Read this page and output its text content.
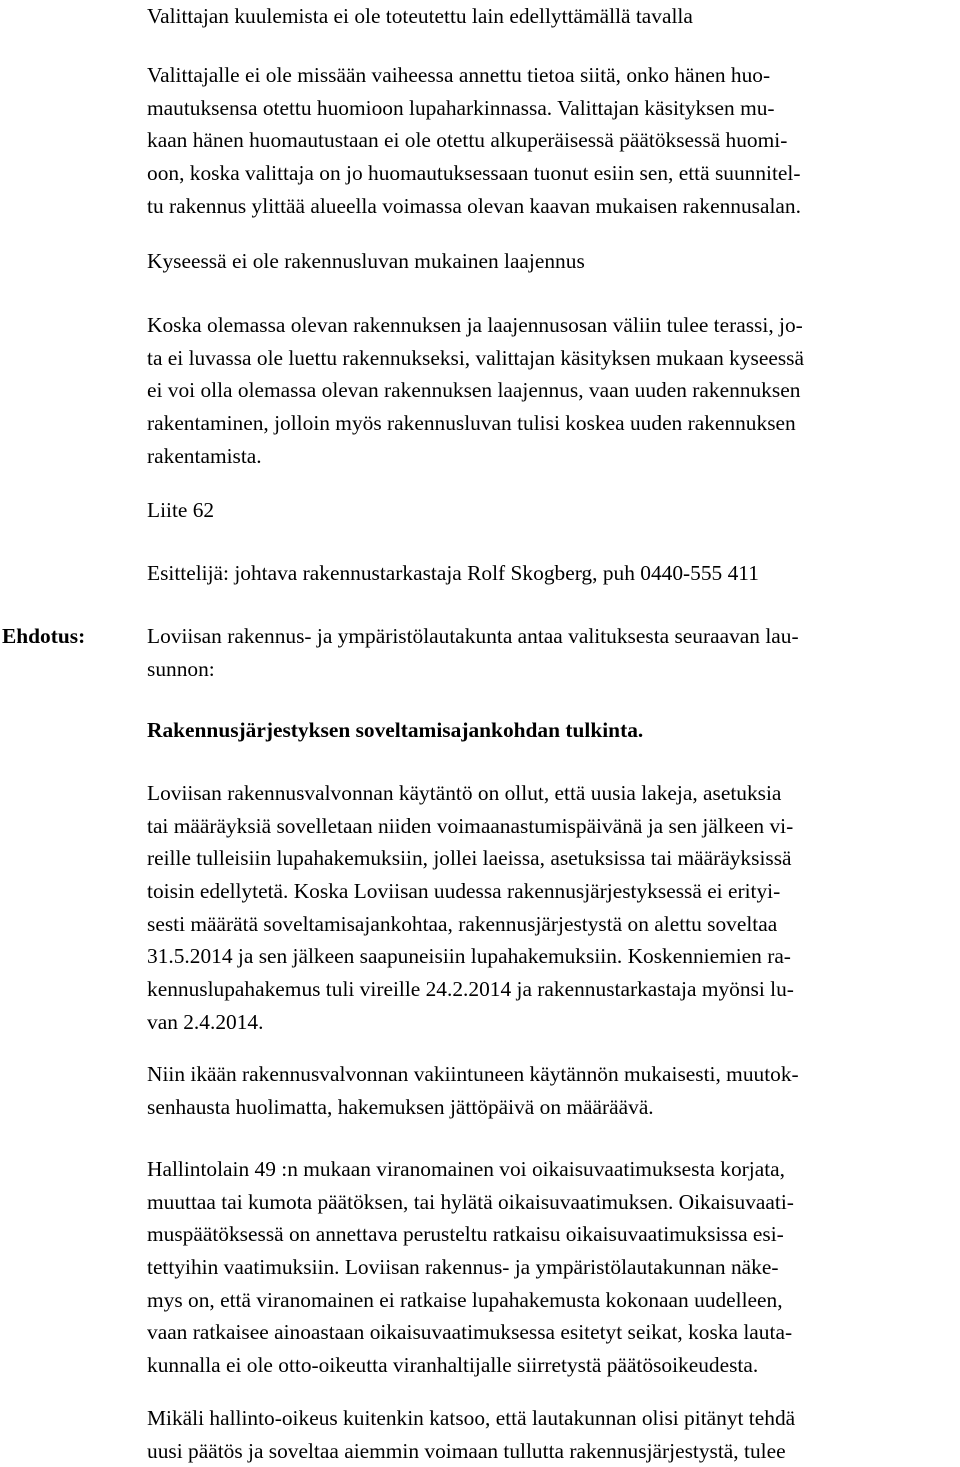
Valittajan kuulemista ei ole toteutettu lain edellyttämällä tavalla

Valittajalle ei ole missään vaiheessa annettu tietoa siitä, onko hänen huo-
mautuksensa otettu huomioon lupaharkinnassa. Valittajan käsityksen mu-
kaan hänen huomautustaan ei ole otettu alkuperäisessä päätöksessä huomi-
oon, koska valittaja on jo huomautuksessaan tuonut esiin sen, että suunnitel-
tu rakennus ylittää alueella voimassa olevan kaavan mukaisen rakennusalan.

Kyseessä ei ole rakennusluvan mukainen laajennus

Koska olemassa olevan rakennuksen ja laajennusosan väliin tulee terassi, jo-
ta ei luvassa ole luettu rakennukseksi, valittajan käsityksen mukaan kyseessä
ei voi olla olemassa olevan rakennuksen laajennus, vaan uuden rakennuksen
rakentaminen, jolloin myös rakennusluvan tulisi koskea uuden rakennuksen
rakentamista.

Liite 62

Esittelijä: johtava rakennustarkastaja Rolf Skogberg, puh 0440-555 411

Ehdotus:	Loviisan rakennus- ja ympäristölautakunta antaa valituksesta seuraavan lau-
sunnon:

Rakennusjärjestyksen soveltamisajankohdan tulkinta.

Loviisan rakennusvalvonnan käytäntö on ollut, että uusia lakeja, asetuksia
tai määräyksiä sovelletaan niiden voimaanastumispäivänä ja sen jälkeen vi-
reille tulleisiin lupahakemuksiin, jollei laeissa, asetuksissa tai määräyksissä
toisin edellytetä. Koska Loviisan uudessa rakennusjärjestyksessä ei erityi-
sesti määrätä soveltamisajankohtaa, rakennusjärjestystä on alettu soveltaa
31.5.2014 ja sen jälkeen saapuneisiin lupahakemuksiin. Koskenniemien ra-
kennuslupahakemus tuli vireille 24.2.2014 ja rakennustarkastaja myönsi lu-
van 2.4.2014.

Niin ikään rakennusvalvonnan vakiintuneen käytännön mukaisesti, muutok-
senhausta huolimatta, hakemuksen jättöpäivä on määräävä.

Hallintolain 49 :n mukaan viranomainen voi oikaisuvaatimuksesta korjata,
muuttaa tai kumota päätöksen, tai hylätä oikaisuvaatimuksen. Oikaisuvaati-
muspäätöksessä on annettava perusteltu ratkaisu oikaisuvaatimuksissa esi-
tettyihin vaatimuksiin. Loviisan rakennus- ja ympäristölautakunnan näke-
mys on, että viranomainen ei ratkaise lupahakemusta kokonaan uudelleen,
vaan ratkaisee ainoastaan oikaisuvaatimuksessa esitetyt seikat, koska lauta-
kunnalla ei ole otto-oikeutta viranhaltijalle siirretystä päätösoikeudesta.

Mikäli hallinto-oikeus kuitenkin katsoo, että lautakunnan olisi pitänyt tehdä
uusi päätös ja soveltaa aiemmin voimaan tullutta rakennusjärjestystä, tulee
